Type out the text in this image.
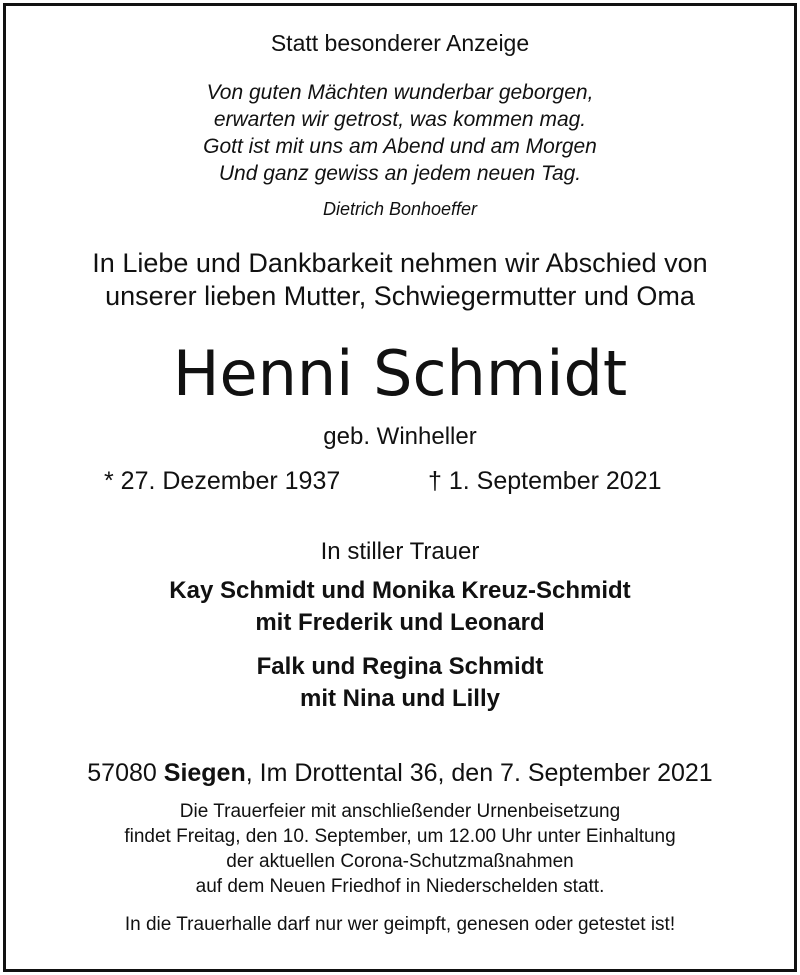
Statt besonderer Anzeige
Von guten Mächten wunderbar geborgen,
erwarten wir getrost, was kommen mag.
Gott ist mit uns am Abend und am Morgen
Und ganz gewiss an jedem neuen Tag.
Dietrich Bonhoeffer
In Liebe und Dankbarkeit nehmen wir Abschied von
unserer lieben Mutter, Schwiegermutter und Oma
Henni Schmidt
geb. Winheller
* 27. Dezember 1937	† 1. September 2021
In stiller Trauer
Kay Schmidt und Monika Kreuz-Schmidt
mit Frederik und Leonard
Falk und Regina Schmidt
mit Nina und Lilly
57080 Siegen, Im Drottental 36, den 7. September 2021
Die Trauerfeier mit anschließender Urnenbeisetzung
findet Freitag, den 10. September, um 12.00 Uhr unter Einhaltung
der aktuellen Corona-Schutzmaßnahmen
auf dem Neuen Friedhof in Niederschelden statt.
In die Trauerhalle darf nur wer geimpft, genesen oder getestet ist!
